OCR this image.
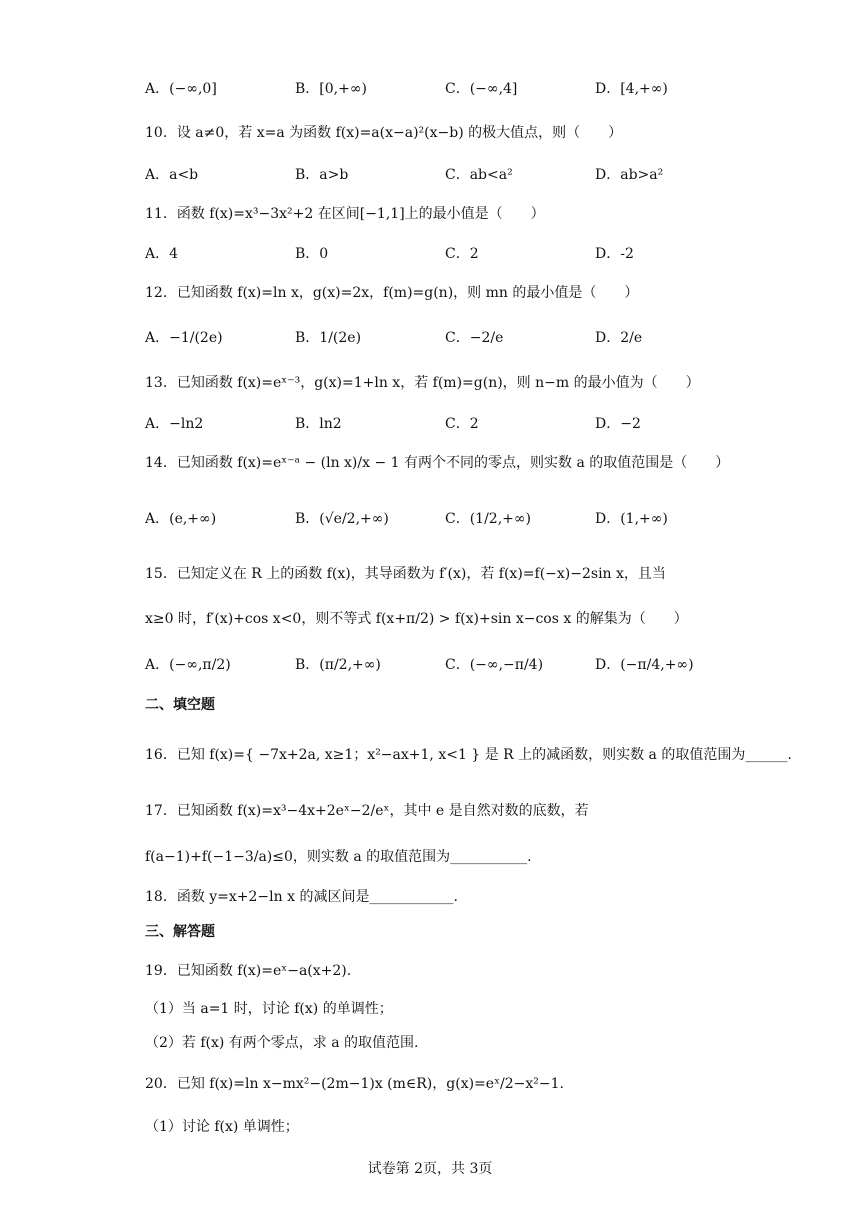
A．(−∞,0]	B．[0,+∞)	C．(−∞,4]	D．[4,+∞)
10．设 a≠0，若 x=a 为函数 f(x)=a(x−a)²(x−b) 的极大值点，则（　　）
A．a<b	B．a>b	C．ab<a²	D．ab>a²
11．函数 f(x)=x³−3x²+2 在区间[−1,1]上的最小值是（　　）
A．4	B．0	C．2	D．-2
12．已知函数 f(x)=ln x，g(x)=2x，f(m)=g(n)，则 mn 的最小值是（　　）
A．−1/(2e)	B．1/(2e)	C．−2/e	D．2/e
13．已知函数 f(x)=eˣ⁻³，g(x)=1+ln x，若 f(m)=g(n)，则 n−m 的最小值为（　　）
A．−ln2	B．ln2	C．2	D．−2
14．已知函数 f(x)=eˣ⁻ᵃ − (ln x)/x − 1 有两个不同的零点，则实数 a 的取值范围是（　　）
A．(e,+∞)	B．(√e/2,+∞)	C．(1/2,+∞)	D．(1,+∞)
15．已知定义在 R 上的函数 f(x)，其导函数为 f′(x)，若 f(x)=f(−x)−2sin x，且当
x≥0 时，f′(x)+cos x<0，则不等式 f(x+π/2) > f(x)+sin x−cos x 的解集为（　　）
A．(−∞,π/2)	B．(π/2,+∞)	C．(−∞,−π/4)	D．(−π/4,+∞)
二、填空题
16．已知 f(x)={ −7x+2a, x≥1；x²−ax+1, x<1 } 是 R 上的减函数，则实数 a 的取值范围为______.
17．已知函数 f(x)=x³−4x+2eˣ−2/eˣ，其中 e 是自然对数的底数，若
f(a−1)+f(−1−3/a)≤0，则实数 a 的取值范围为___________.
18．函数 y=x+2−ln x 的减区间是____________.
三、解答题
19．已知函数 f(x)=eˣ−a(x+2).
（1）当 a=1 时，讨论 f(x) 的单调性；
（2）若 f(x) 有两个零点，求 a 的取值范围.
20．已知 f(x)=ln x−mx²−(2m−1)x (m∈R)，g(x)=eˣ/2−x²−1.
（1）讨论 f(x) 单调性；
试卷第 2页，共 3页
